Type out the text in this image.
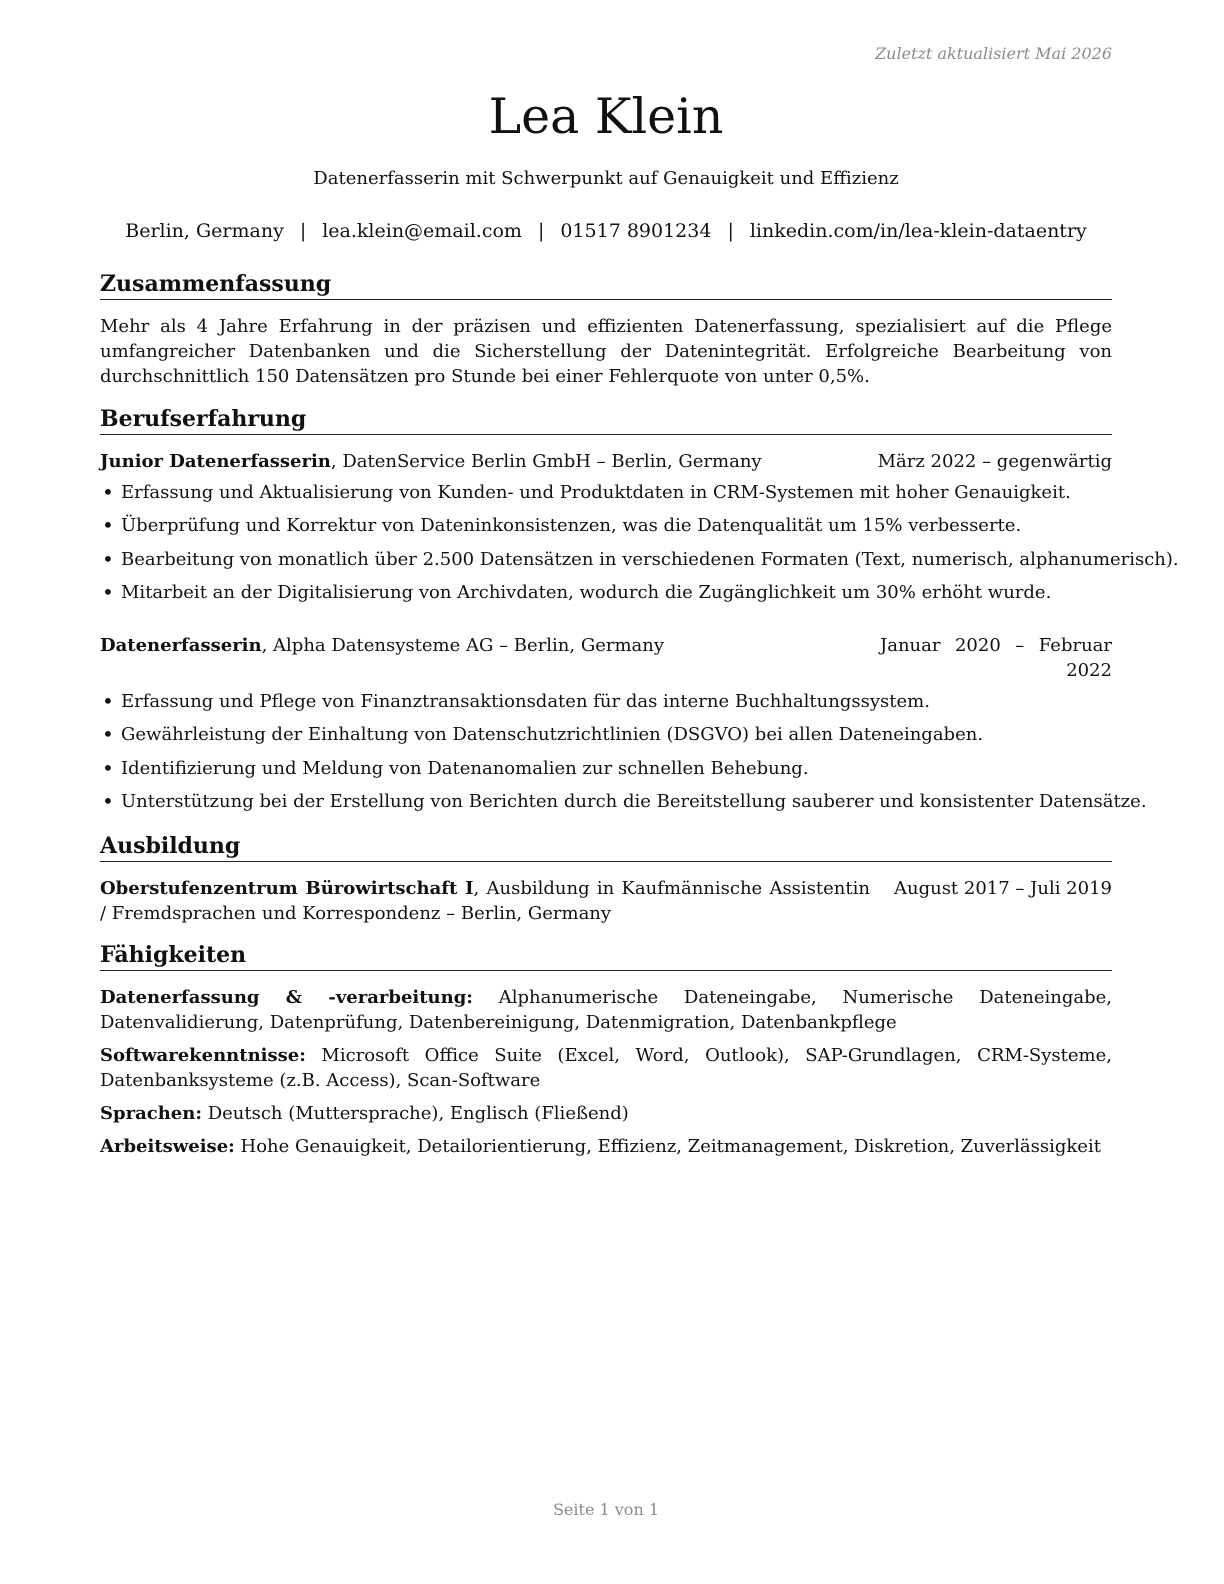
Zuletzt aktualisiert Mai 2026
Lea Klein
Datenerfasserin mit Schwerpunkt auf Genauigkeit und Effizienz
Berlin, Germany | lea.klein@email.com | 01517 8901234 | linkedin.com/in/lea-klein-dataentry
Zusammenfassung

Mehr als 4 Jahre Erfahrung in der präzisen und effizienten Datenerfassung, spezialisiert auf die Pflege umfangreicher Datenbanken und die Sicherstellung der Datenintegrität. Erfolgreiche Bearbeitung von durchschnittlich 150 Datensätzen pro Stunde bei einer Fehlerquote von unter 0,5%.

Berufserfahrung
Junior Datenerfasserin, DatenService Berlin GmbH – Berlin, Germany	März 2022 – gegenwärtig
• Erfassung und Aktualisierung von Kunden- und Produktdaten in CRM-Systemen mit hoher Genauigkeit.
• Überprüfung und Korrektur von Dateninkonsistenzen, was die Datenqualität um 15% verbesserte.
• Bearbeitung von monatlich über 2.500 Datensätzen in verschiedenen Formaten (Text, numerisch, alphanumerisch).
• Mitarbeit an der Digitalisierung von Archivdaten, wodurch die Zugänglichkeit um 30% erhöht wurde.
Datenerfasserin, Alpha Datensysteme AG – Berlin, Germany	Januar 2020 – Februar 2022
• Erfassung und Pflege von Finanztransaktionsdaten für das interne Buchhaltungssystem.
• Gewährleistung der Einhaltung von Datenschutzrichtlinien (DSGVO) bei allen Dateneingaben.
• Identifizierung und Meldung von Datenanomalien zur schnellen Behebung.
• Unterstützung bei der Erstellung von Berichten durch die Bereitstellung sauberer und konsistenter Datensätze.
Ausbildung
Oberstufenzentrum Bürowirtschaft I, Ausbildung in Kaufmännische Assistentin / Fremdsprachen und Korrespondenz – Berlin, Germany
August 2017 – Juli 2019
Fähigkeiten

Datenerfassung & -verarbeitung: Alphanumerische Dateneingabe, Numerische Dateneingabe, Datenvalidierung, Datenprüfung, Datenbereinigung, Datenmigration, Datenbankpflege

Softwarekenntnisse: Microsoft Office Suite (Excel, Word, Outlook), SAP-Grundlagen, CRM-Systeme, Datenbanksysteme (z.B. Access), Scan-Software

Sprachen: Deutsch (Muttersprache), Englisch (Fließend)

Arbeitsweise: Hohe Genauigkeit, Detailorientierung, Effizienz, Zeitmanagement, Diskretion, Zuverlässigkeit

Seite 1 von 1
